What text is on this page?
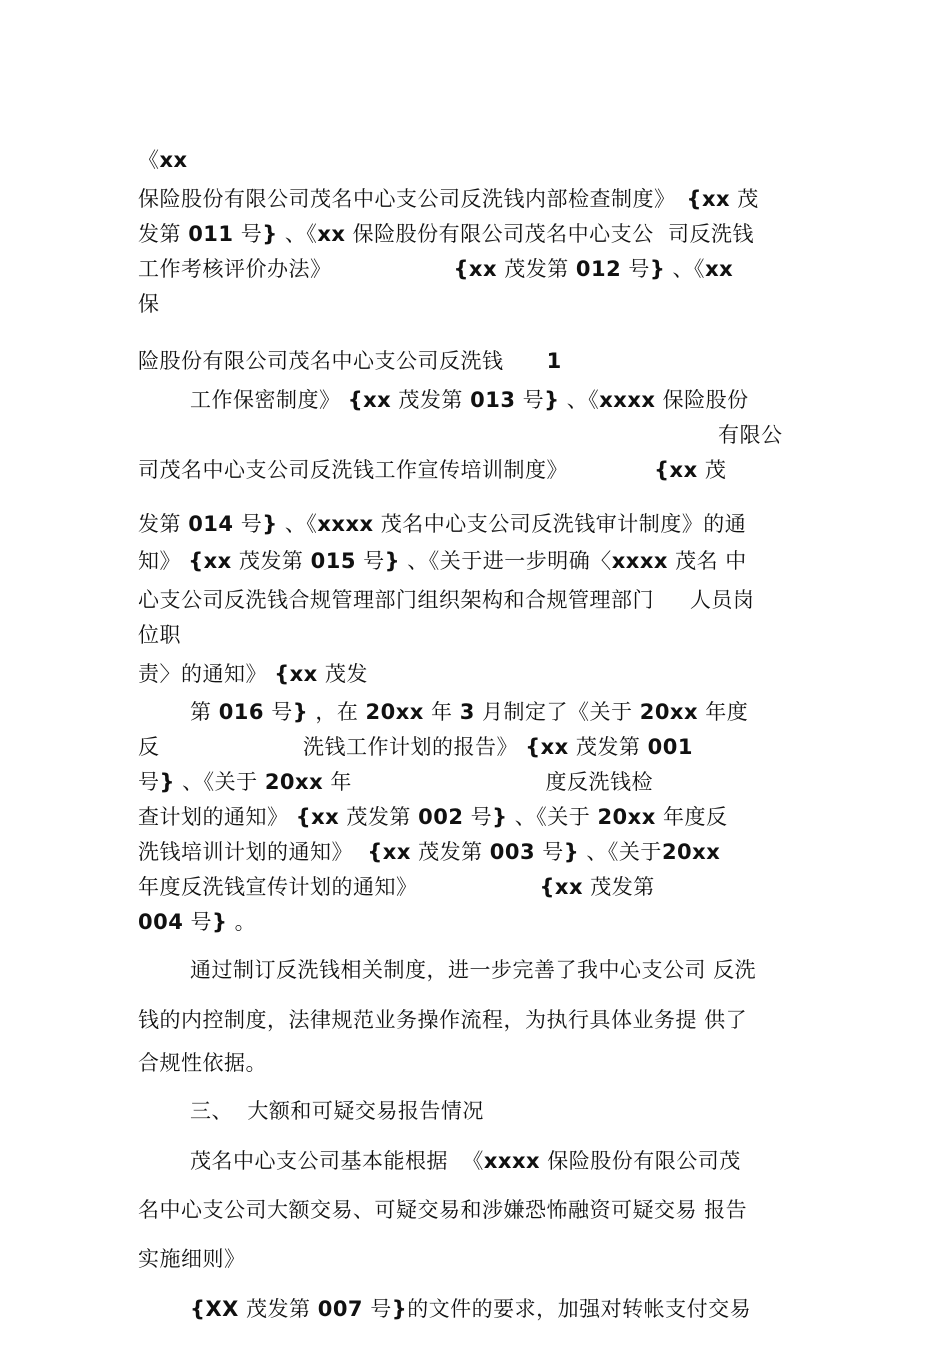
《xx
保险股份有限公司茂名中心支公司反洗钱内部检查制度》　{xx 茂
发第 011 号} 、《xx 保险股份有限公司茂名中心支公  司反洗钱
工作考核评价办法》                 {xx 茂发第 012 号} 、《xx
保
险股份有限公司茂名中心支公司反洗钱      1
工作保密制度》 {xx 茂发第 013 号} 、《xxxx 保险股份
有限公
司茂名中心支公司反洗钱工作宣传培训制度》            {xx 茂
发第 014 号} 、《xxxx 茂名中心支公司反洗钱审计制度》的通
知》 {xx 茂发第 015 号} 、《关于进一步明确〈xxxx 茂名 中
心支公司反洗钱合规管理部门组织架构和合规管理部门     人员岗
位职
责〉的通知》 {xx 茂发
第 016 号} ，在 20xx 年 3 月制定了《关于 20xx 年度
反                    洗钱工作计划的报告》 {xx 茂发第 001
号} 、《关于 20xx 年                           度反洗钱检
查计划的通知》 {xx 茂发第 002 号} 、《关于 20xx 年度反
洗钱培训计划的通知》  {xx 茂发第 003 号} 、《关于20xx
年度反洗钱宣传计划的通知》                 {xx 茂发第
004 号} 。
通过制订反洗钱相关制度，进一步完善了我中心支公司 反洗
钱的内控制度，法律规范业务操作流程，为执行具体业务提 供了
合规性依据。
三、  大额和可疑交易报告情况
茂名中心支公司基本能根据  《xxxx 保险股份有限公司茂
名中心支公司大额交易、可疑交易和涉嫌恐怖融资可疑交易 报告
实施细则》
{XX 茂发第 007 号}的文件的要求，加强对转帐支付交易
